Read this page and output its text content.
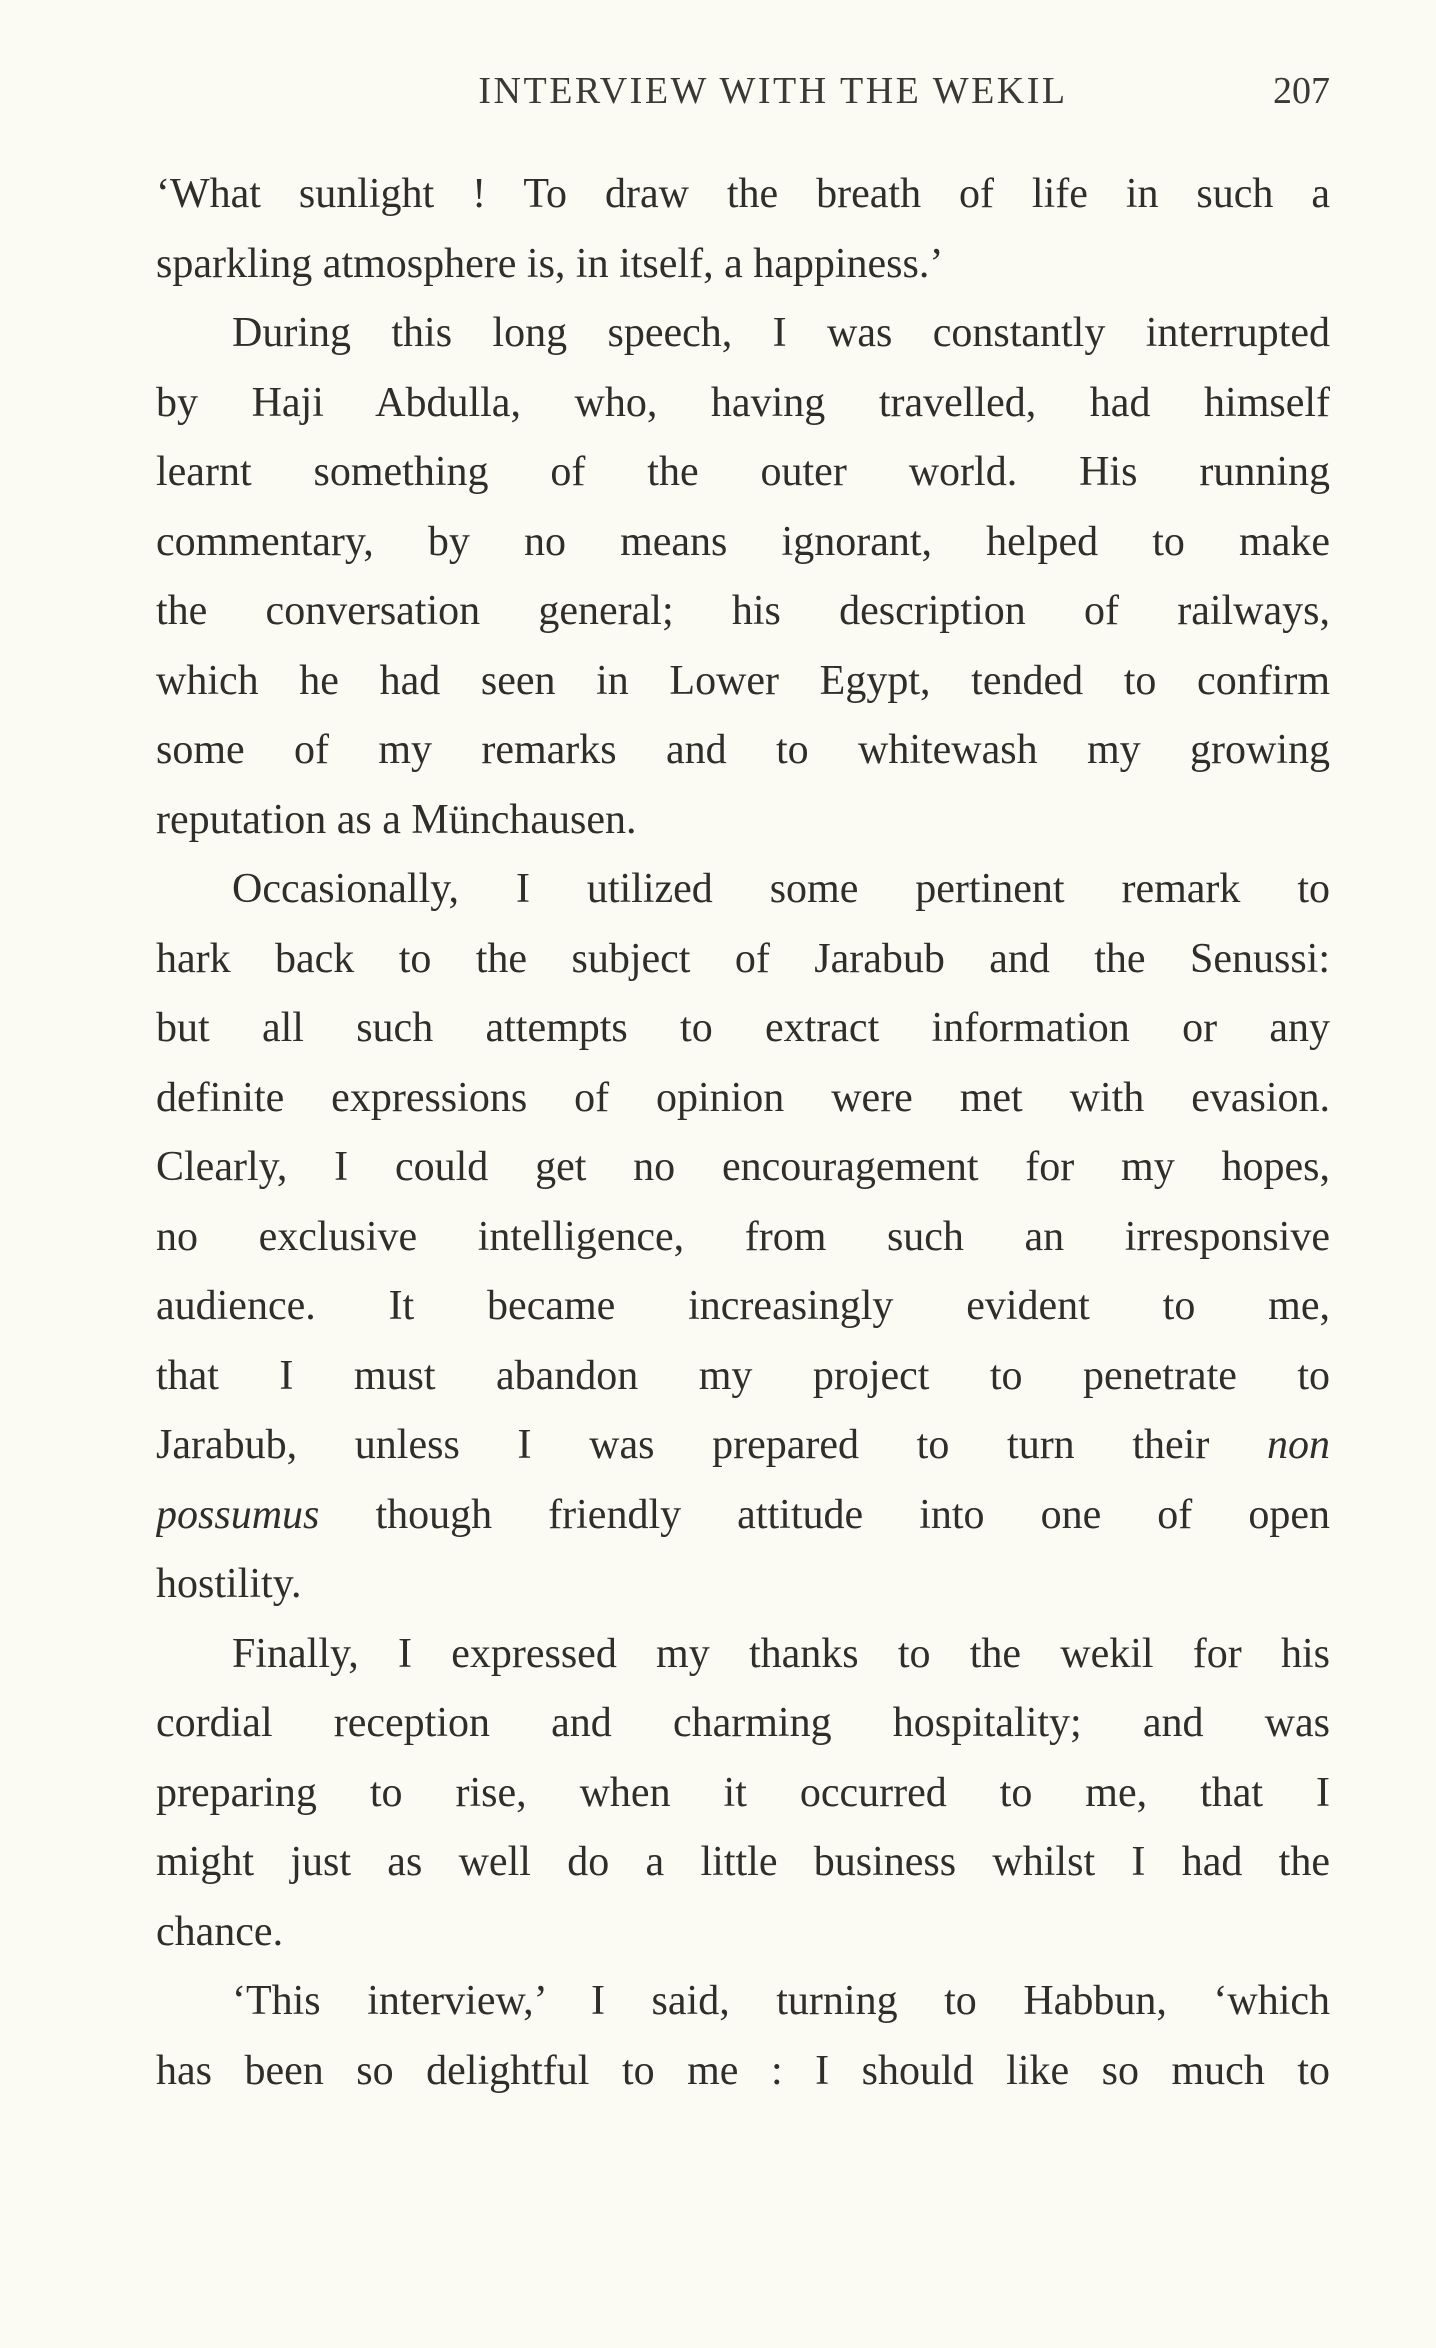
INTERVIEW WITH THE WEKIL	207
‘What sunlight ! To draw the breath of life in such a
sparkling atmosphere is, in itself, a happiness.’
During this long speech, I was constantly interrupted
by Haji Abdulla, who, having travelled, had himself
learnt something of the outer world. His running
commentary, by no means ignorant, helped to make
the conversation general; his description of railways,
which he had seen in Lower Egypt, tended to confirm
some of my remarks and to whitewash my growing
reputation as a Münchausen.
Occasionally, I utilized some pertinent remark to
hark back to the subject of Jarabub and the Senussi:
but all such attempts to extract information or any
definite expressions of opinion were met with evasion.
Clearly, I could get no encouragement for my hopes,
no exclusive intelligence, from such an irresponsive
audience. It became increasingly evident to me,
that I must abandon my project to penetrate to
Jarabub, unless I was prepared to turn their non
possumus though friendly attitude into one of open
hostility.
Finally, I expressed my thanks to the wekil for his
cordial reception and charming hospitality; and was
preparing to rise, when it occurred to me, that I
might just as well do a little business whilst I had the
chance.
‘This interview,’ I said, turning to Habbun, ‘which
has been so delightful to me : I should like so much to
